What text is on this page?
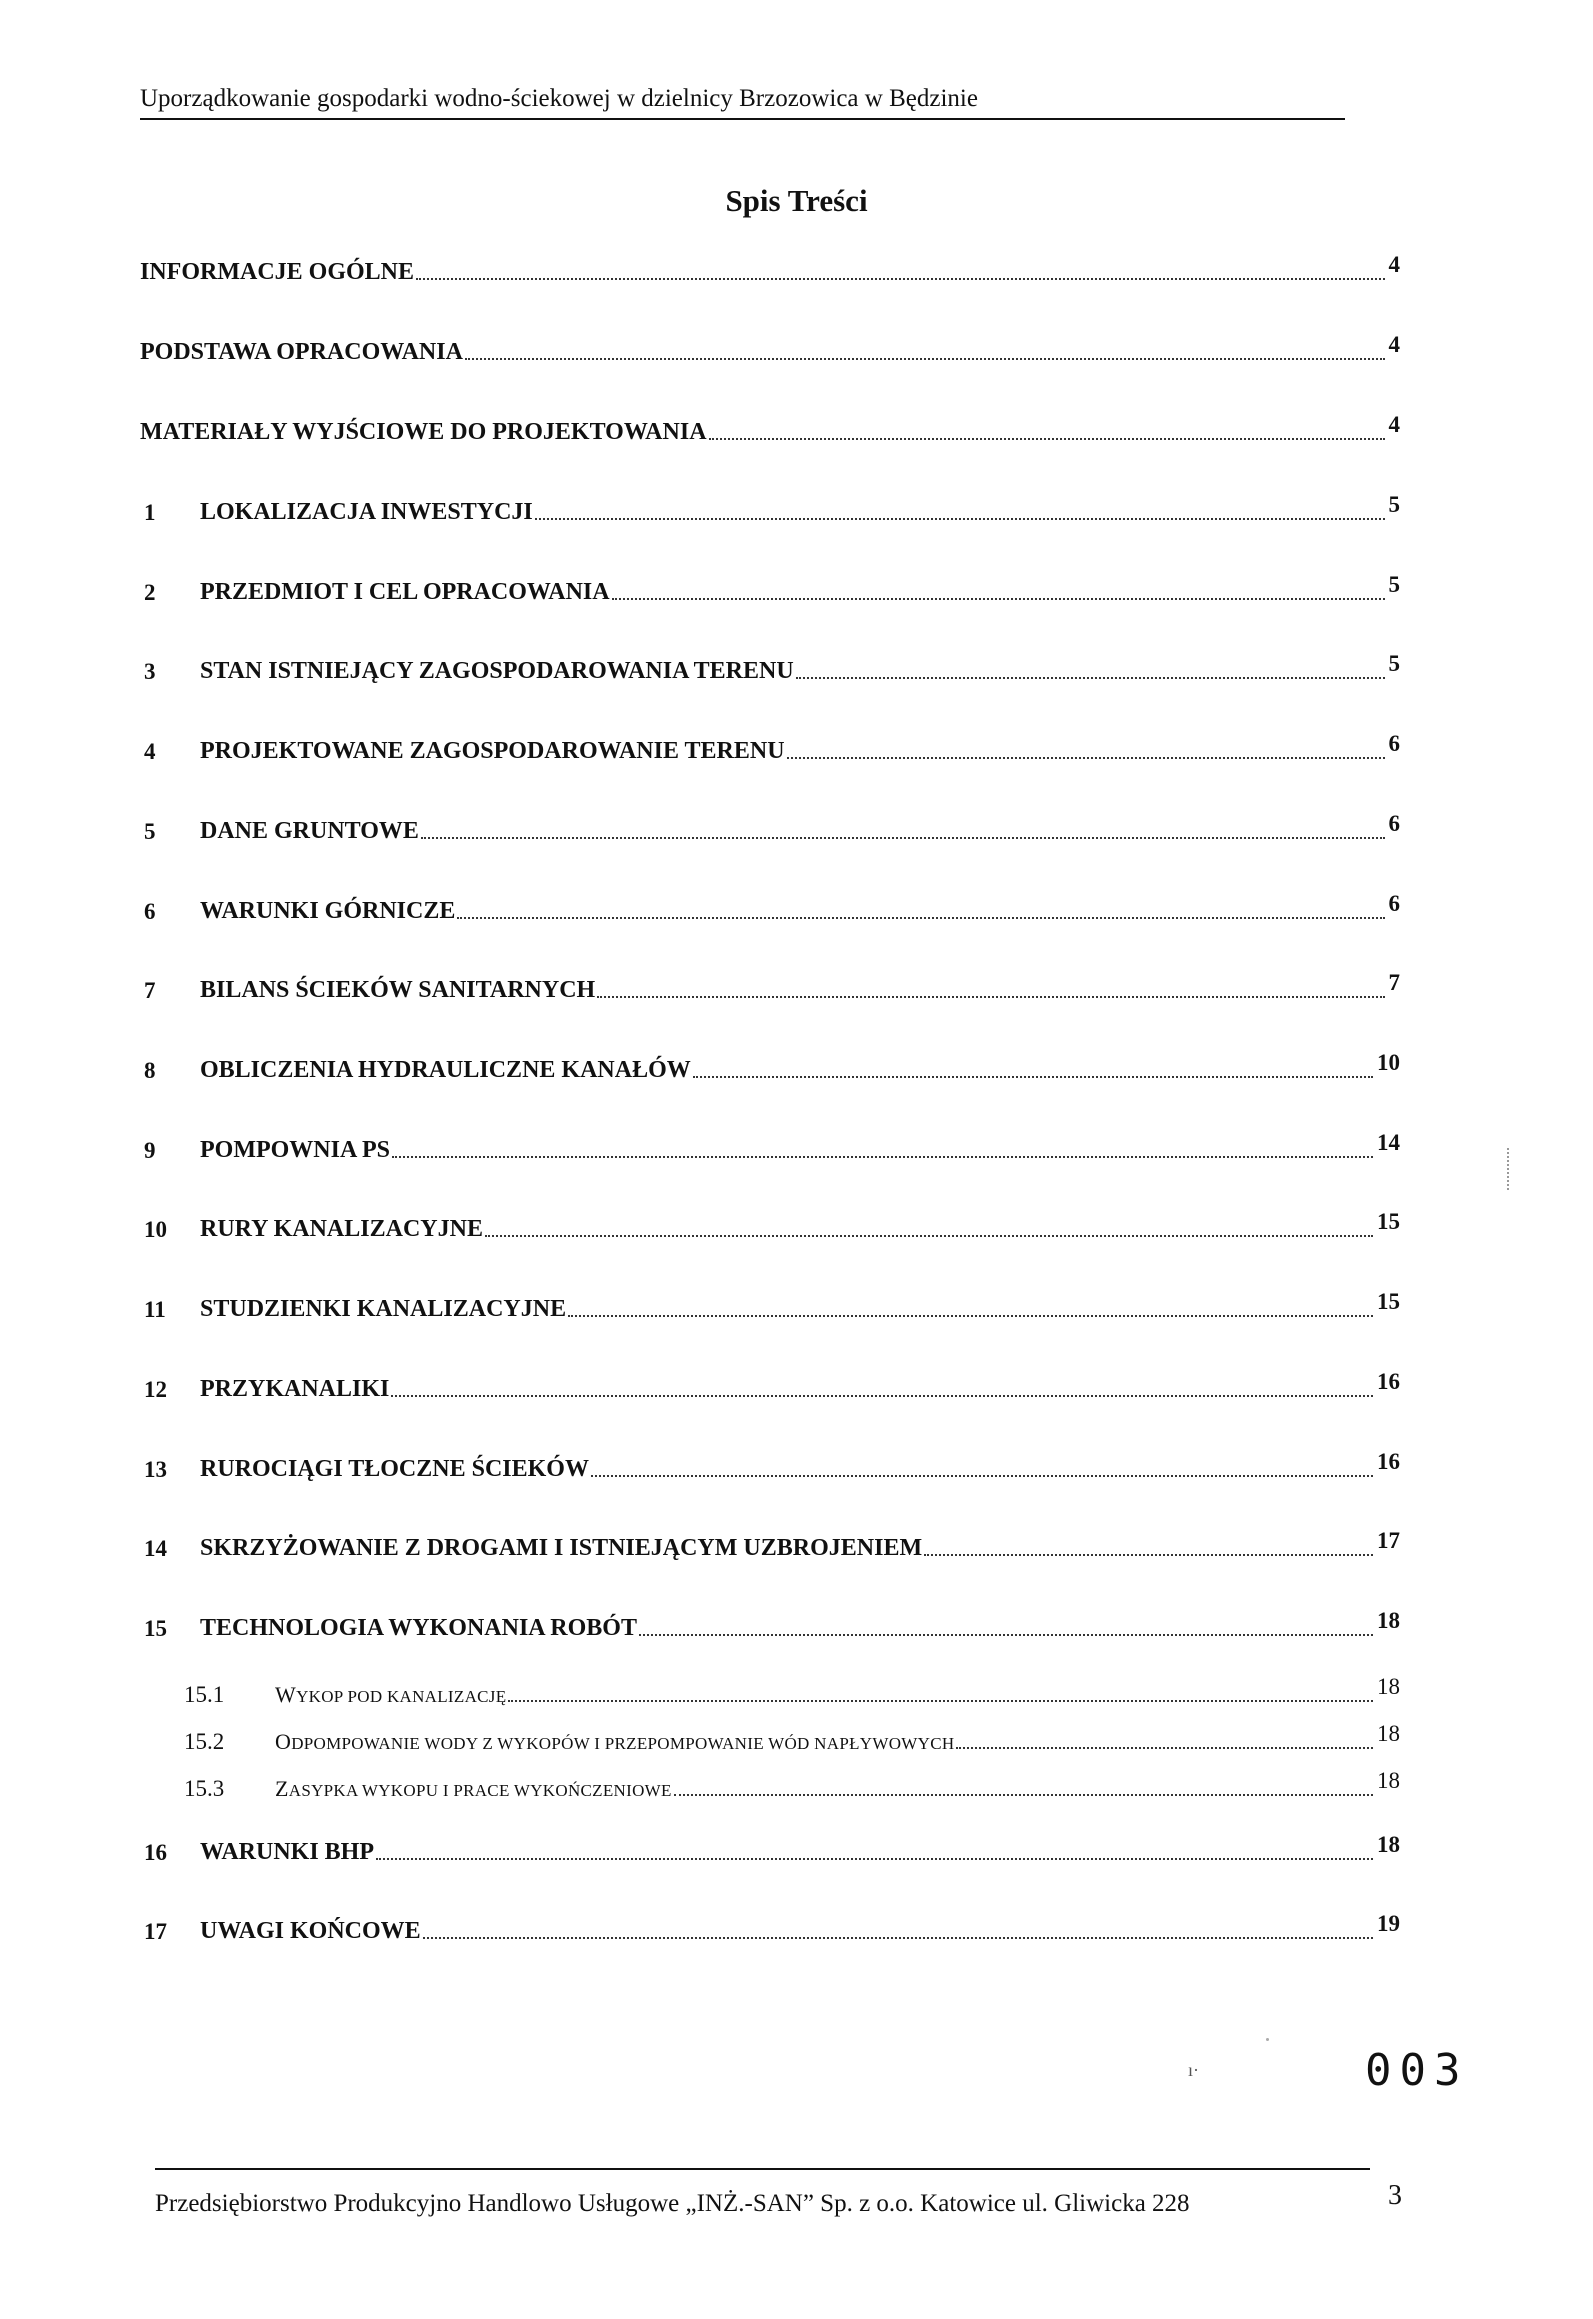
Uporządkowanie gospodarki wodno-ściekowej w dzielnicy Brzozowica w Będzinie
Spis Treści
INFORMACJE OGÓLNE	4
PODSTAWA OPRACOWANIA	4
MATERIAŁY WYJŚCIOWE DO PROJEKTOWANIA	4
1 LOKALIZACJA INWESTYCJI	5
2 PRZEDMIOT I CEL OPRACOWANIA	5
3 STAN ISTNIEJĄCY ZAGOSPODAROWANIA TERENU	5
4 PROJEKTOWANE ZAGOSPODAROWANIE TERENU	6
5 DANE GRUNTOWE	6
6 WARUNKI GÓRNICZE	6
7 BILANS ŚCIEKÓW SANITARNYCH	7
8 OBLICZENIA HYDRAULICZNE KANAŁÓW	10
9 POMPOWNIA PS	14
10 RURY KANALIZACYJNE	15
11 STUDZIENKI KANALIZACYJNE	15
12 PRZYKANALIKI	16
13 RUROCIĄGI TŁOCZNE ŚCIEKÓW	16
14 SKRZYŻOWANIE Z DROGAMI I ISTNIEJĄCYM UZBROJENIEM	17
15 TECHNOLOGIA WYKONANIA ROBÓT	18
15.1	WYKOP POD KANALIZACJĘ	18
15.2	ODPOMPOWANIE WODY Z WYKOPÓW I PRZEPOMPOWANIE WÓD NAPŁYWOWYCH	18
15.3	ZASYPKA WYKOPU I PRACE WYKOŃCZENIOWE	18
16 WARUNKI BHP	18
17 UWAGI KOŃCOWE	19
ı·	003
Przedsiębiorstwo Produkcyjno Handlowo Usługowe „INŻ.-SAN” Sp. z o.o. Katowice ul. Gliwicka 228	3
